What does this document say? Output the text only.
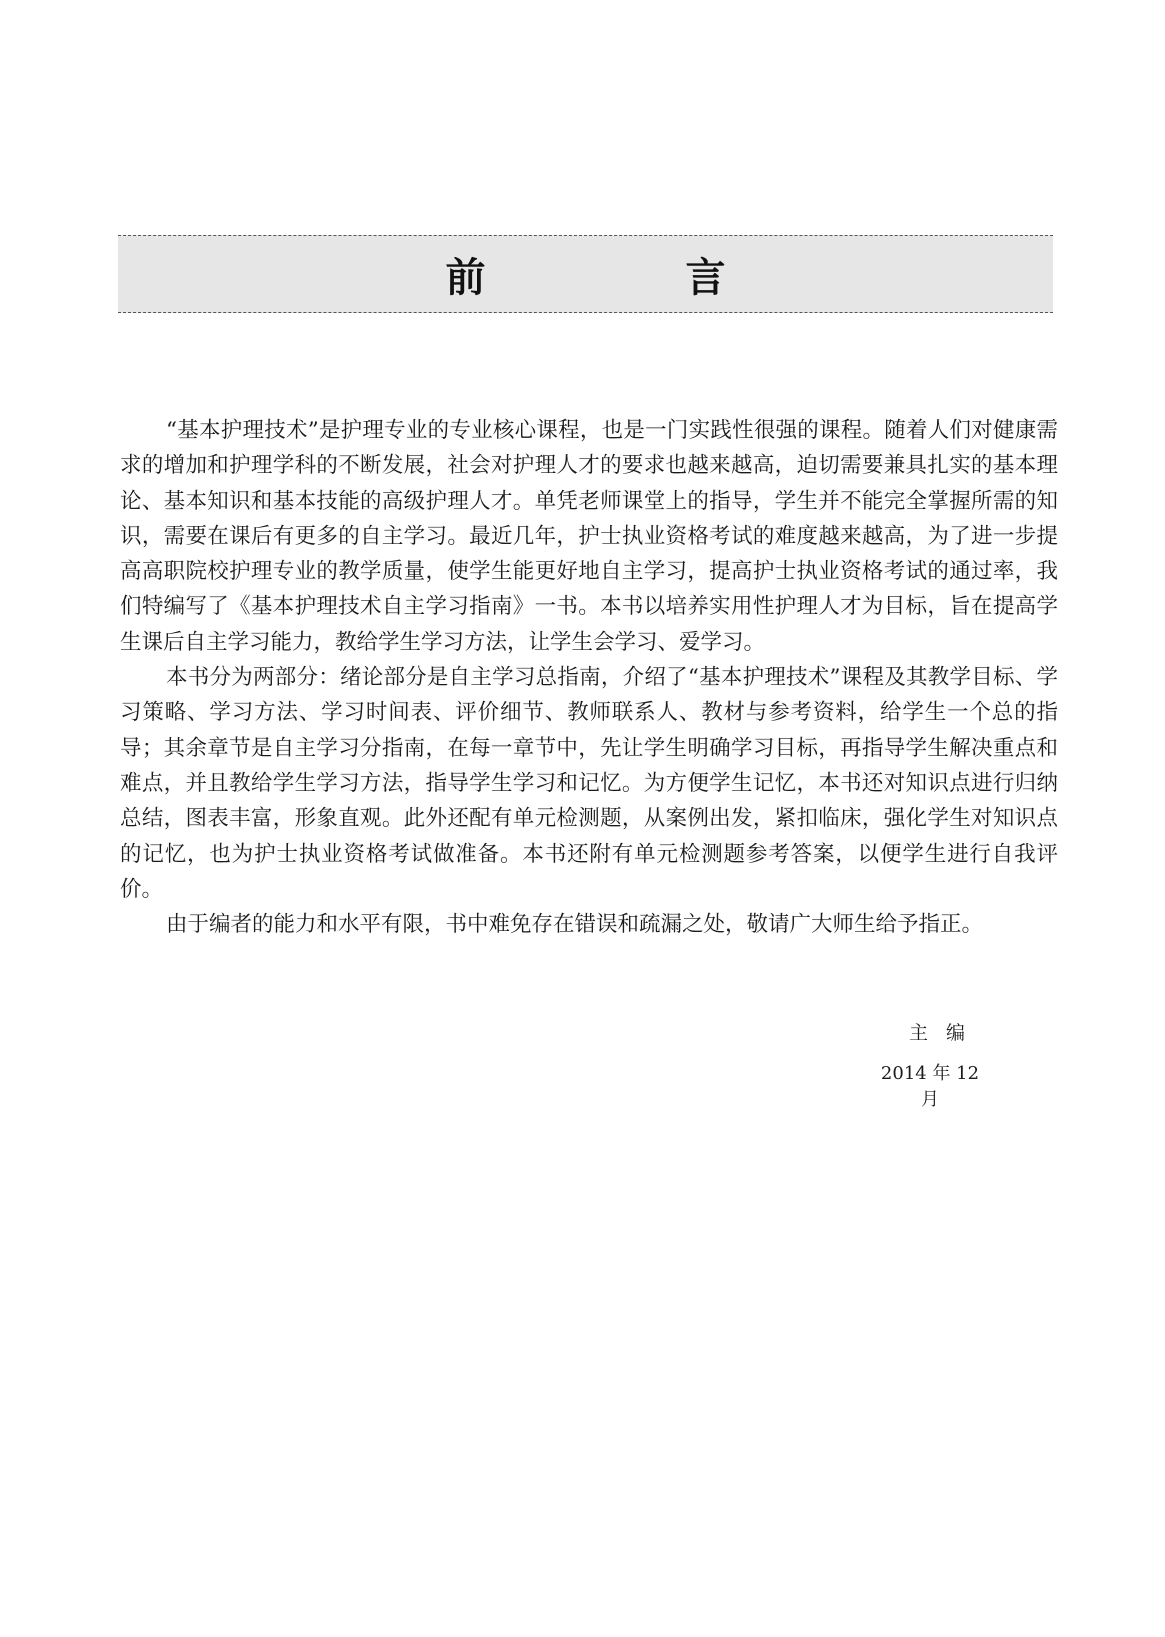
前　言

“基本护理技术”是护理专业的专业核心课程，也是一门实践性很强的课程。随着人们对健康需求的增加和护理学科的不断发展，社会对护理人才的要求也越来越高，迫切需要兼具扎实的基本理论、基本知识和基本技能的高级护理人才。单凭老师课堂上的指导，学生并不能完全掌握所需的知识，需要在课后有更多的自主学习。最近几年，护士执业资格考试的难度越来越高，为了进一步提高高职院校护理专业的教学质量，使学生能更好地自主学习，提高护士执业资格考试的通过率，我们特编写了《基本护理技术自主学习指南》一书。本书以培养实用性护理人才为目标，旨在提高学生课后自主学习能力，教给学生学习方法，让学生会学习、爱学习。

本书分为两部分：绪论部分是自主学习总指南，介绍了“基本护理技术”课程及其教学目标、学习策略、学习方法、学习时间表、评价细节、教师联系人、教材与参考资料，给学生一个总的指导；其余章节是自主学习分指南，在每一章节中，先让学生明确学习目标，再指导学生解决重点和难点，并且教给学生学习方法，指导学生学习和记忆。为方便学生记忆，本书还对知识点进行归纳总结，图表丰富，形象直观。此外还配有单元检测题，从案例出发，紧扣临床，强化学生对知识点的记忆，也为护士执业资格考试做准备。本书还附有单元检测题参考答案，以便学生进行自我评价。

由于编者的能力和水平有限，书中难免存在错误和疏漏之处，敬请广大师生给予指正。

主编
2014 年 12 月
